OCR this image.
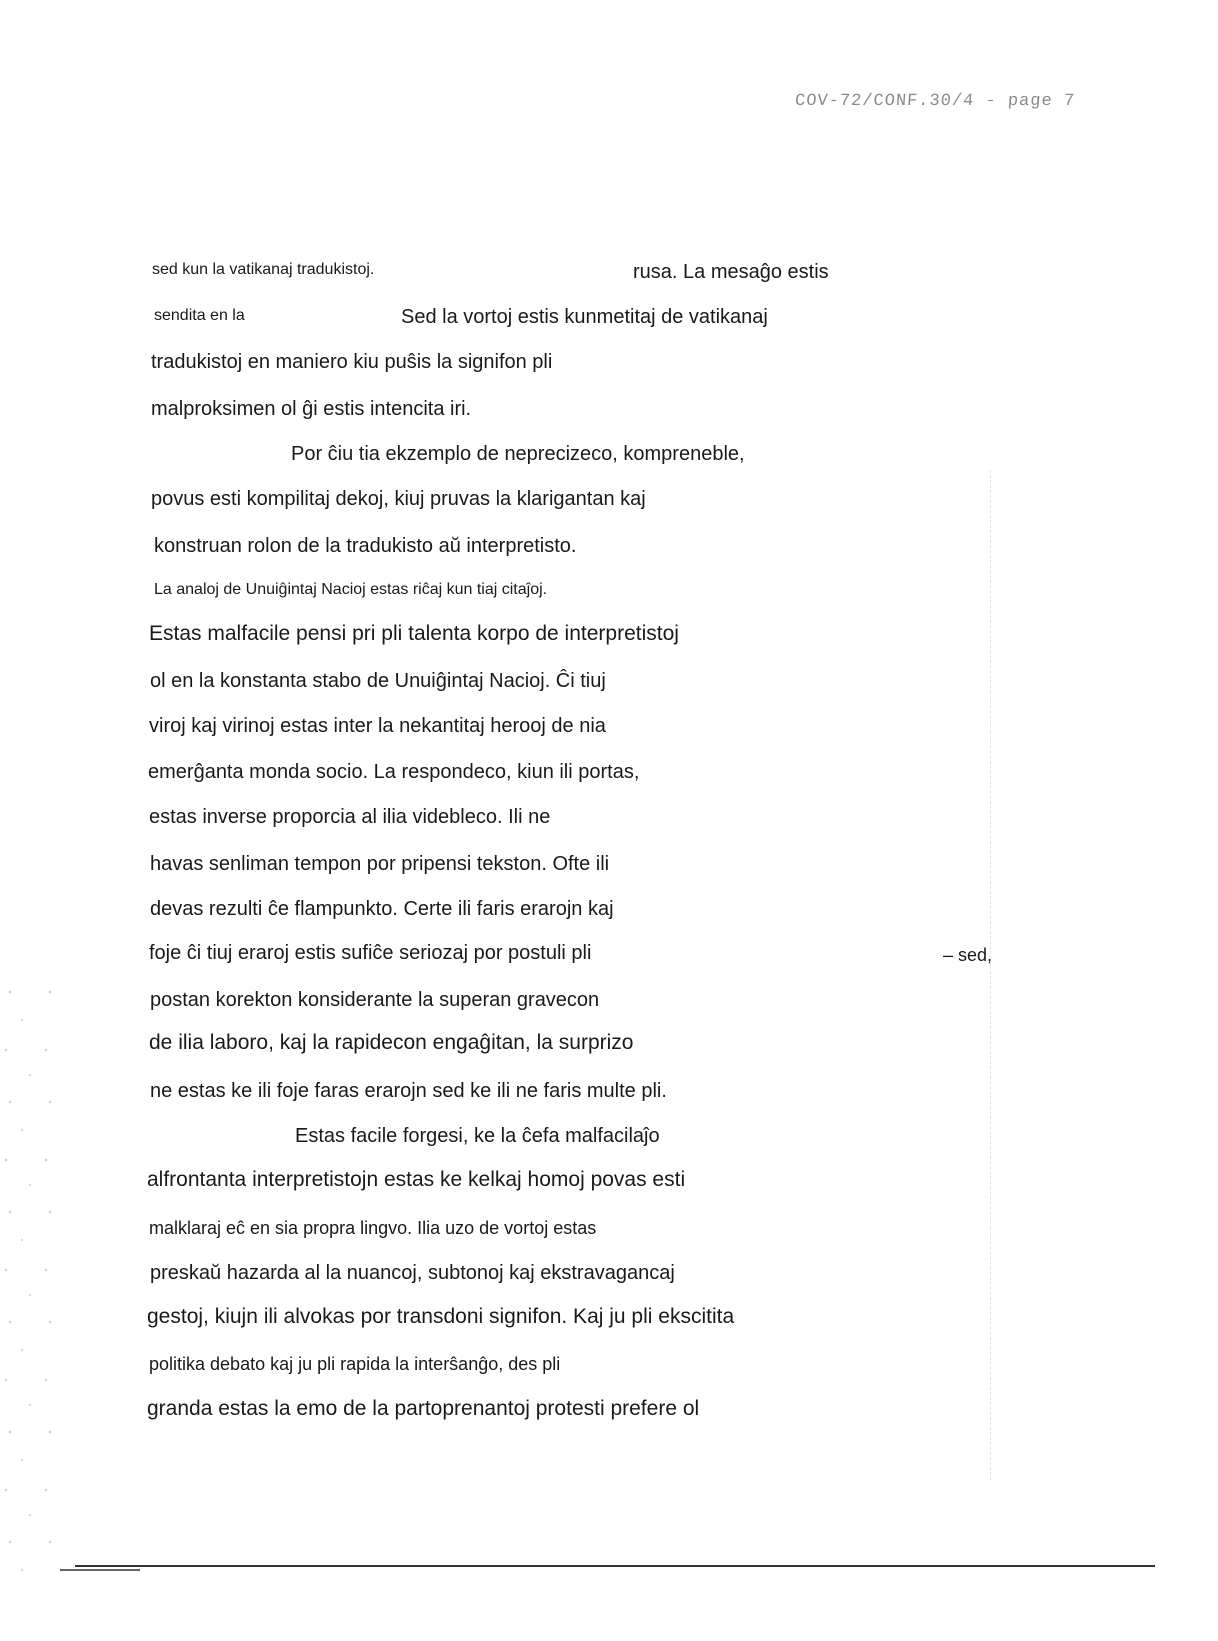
COV-72/CONF.30/4 - page 7
sed kun la vatikanaj tradukistoj.	rusa. La mesaĝo estis
sendita en la	Sed la vortoj estis kunmetitaj de vatikanaj
tradukistoj en maniero kiu puŝis la signifon pli
malproksimen ol ĝi estis intencita iri.
Por ĉiu tia ekzemplo de neprecizeco, kompreneble,
povus esti kompilitaj dekoj, kiuj pruvas la klarigantan kaj
konstruan rolon de la tradukisto aŭ interpretisto.
La analoj de Unuiĝintaj Nacioj estas riĉaj kun tiaj citaĵoj.
Estas malfacile pensi pri pli talenta korpo de interpretistoj
ol en la konstanta stabo de Unuiĝintaj Nacioj. Ĉi tiuj
viroj kaj virinoj estas inter la nekantitaj herooj de nia
emerĝanta monda socio. La respondeco, kiun ili portas,
estas inverse proporcia al ilia videbleco. Ili ne
havas senliman tempon por pripensi tekston. Ofte ili
devas rezulti ĉe flampunkto. Certe ili faris erarojn kaj
foje ĉi tiuj eraroj estis sufiĉe seriozaj por postuli pli	– sed,
postan korekton konsiderante la superan gravecon
de ilia laboro, kaj la rapidecon engaĝitan, la surprizo
ne estas ke ili foje faras erarojn sed ke ili ne faris multe pli.
Estas facile forgesi, ke la ĉefa malfacilaĵo
alfrontanta interpretistojn estas ke kelkaj homoj povas esti
malklaraj eĉ en sia propra lingvo. Ilia uzo de vortoj estas
preskaŭ hazarda al la nuancoj, subtonoj kaj ekstravagancaj
gestoj, kiujn ili alvokas por transdoni signifon. Kaj ju pli ekscitita
politika debato kaj ju pli rapida la interŝanĝo, des pli
granda estas la emo de la partoprenantoj protesti prefere ol
